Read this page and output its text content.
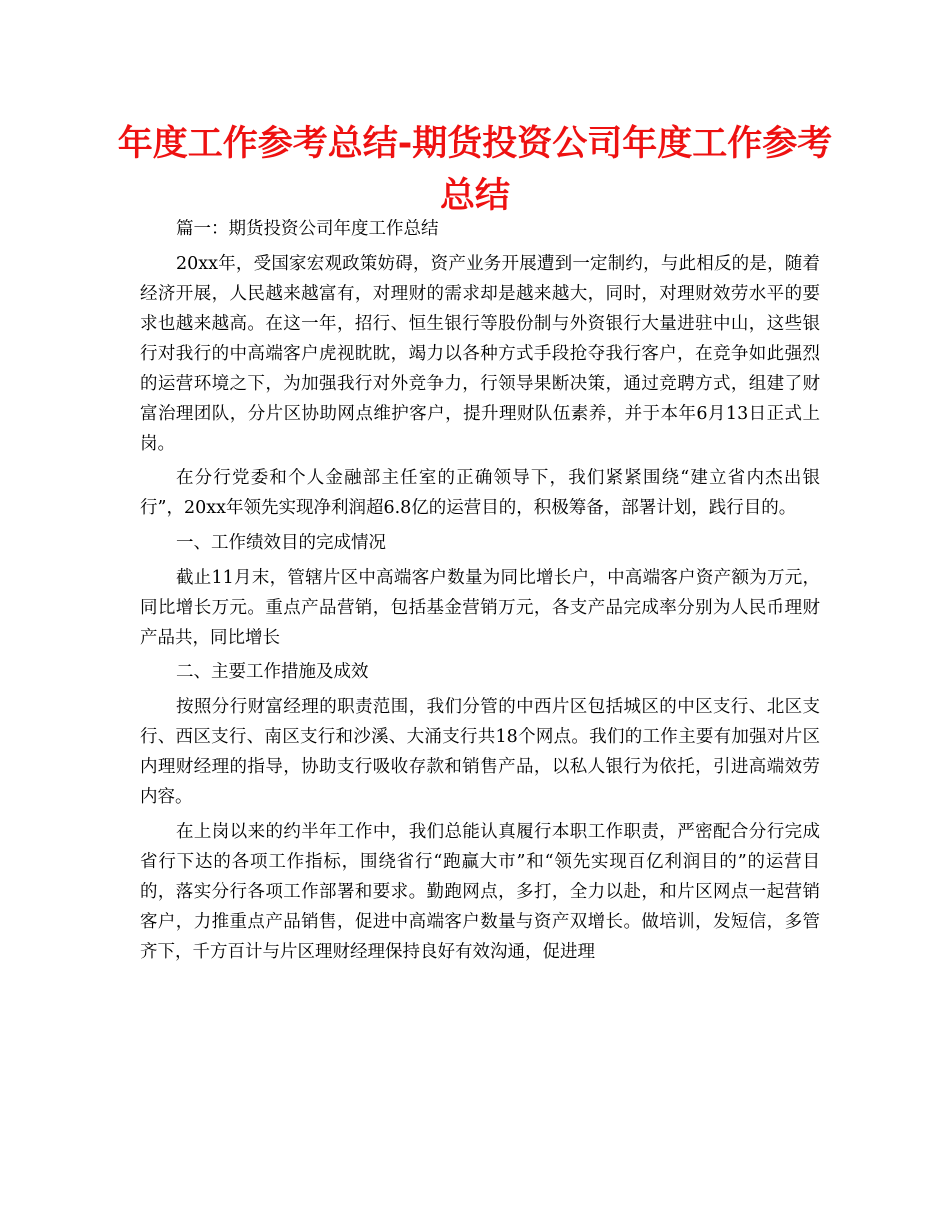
年度工作参考总结-期货投资公司年度工作参考总结

篇一：期货投资公司年度工作总结

20xx年，受国家宏观政策妨碍，资产业务开展遭到一定制约，与此相反的是，随着经济开展，人民越来越富有，对理财的需求却是越来越大，同时，对理财效劳水平的要求也越来越高。在这一年，招行、恒生银行等股份制与外资银行大量进驻中山，这些银行对我行的中高端客户虎视眈眈，竭力以各种方式手段抢夺我行客户，在竞争如此强烈的运营环境之下，为加强我行对外竞争力，行领导果断决策，通过竞聘方式，组建了财富治理团队，分片区协助网点维护客户，提升理财队伍素养，并于本年6月13日正式上岗。

在分行党委和个人金融部主任室的正确领导下，我们紧紧围绕“建立省内杰出银行”，20xx年领先实现净利润超6.8亿的运营目的，积极筹备，部署计划，践行目的。

一、工作绩效目的完成情况

截止11月末，管辖片区中高端客户数量为同比增长户，中高端客户资产额为万元，同比增长万元。重点产品营销，包括基金营销万元，各支产品完成率分别为人民币理财产品共，同比增长

二、主要工作措施及成效

按照分行财富经理的职责范围，我们分管的中西片区包括城区的中区支行、北区支行、西区支行、南区支行和沙溪、大涌支行共18个网点。我们的工作主要有加强对片区内理财经理的指导，协助支行吸收存款和销售产品，以私人银行为依托，引进高端效劳内容。

在上岗以来的约半年工作中，我们总能认真履行本职工作职责，严密配合分行完成省行下达的各项工作指标，围绕省行“跑赢大市”和“领先实现百亿利润目的”的运营目的，落实分行各项工作部署和要求。勤跑网点，多打，全力以赴，和片区网点一起营销客户，力推重点产品销售，促进中高端客户数量与资产双增长。做培训，发短信，多管齐下，千方百计与片区理财经理保持良好有效沟通，促进理
